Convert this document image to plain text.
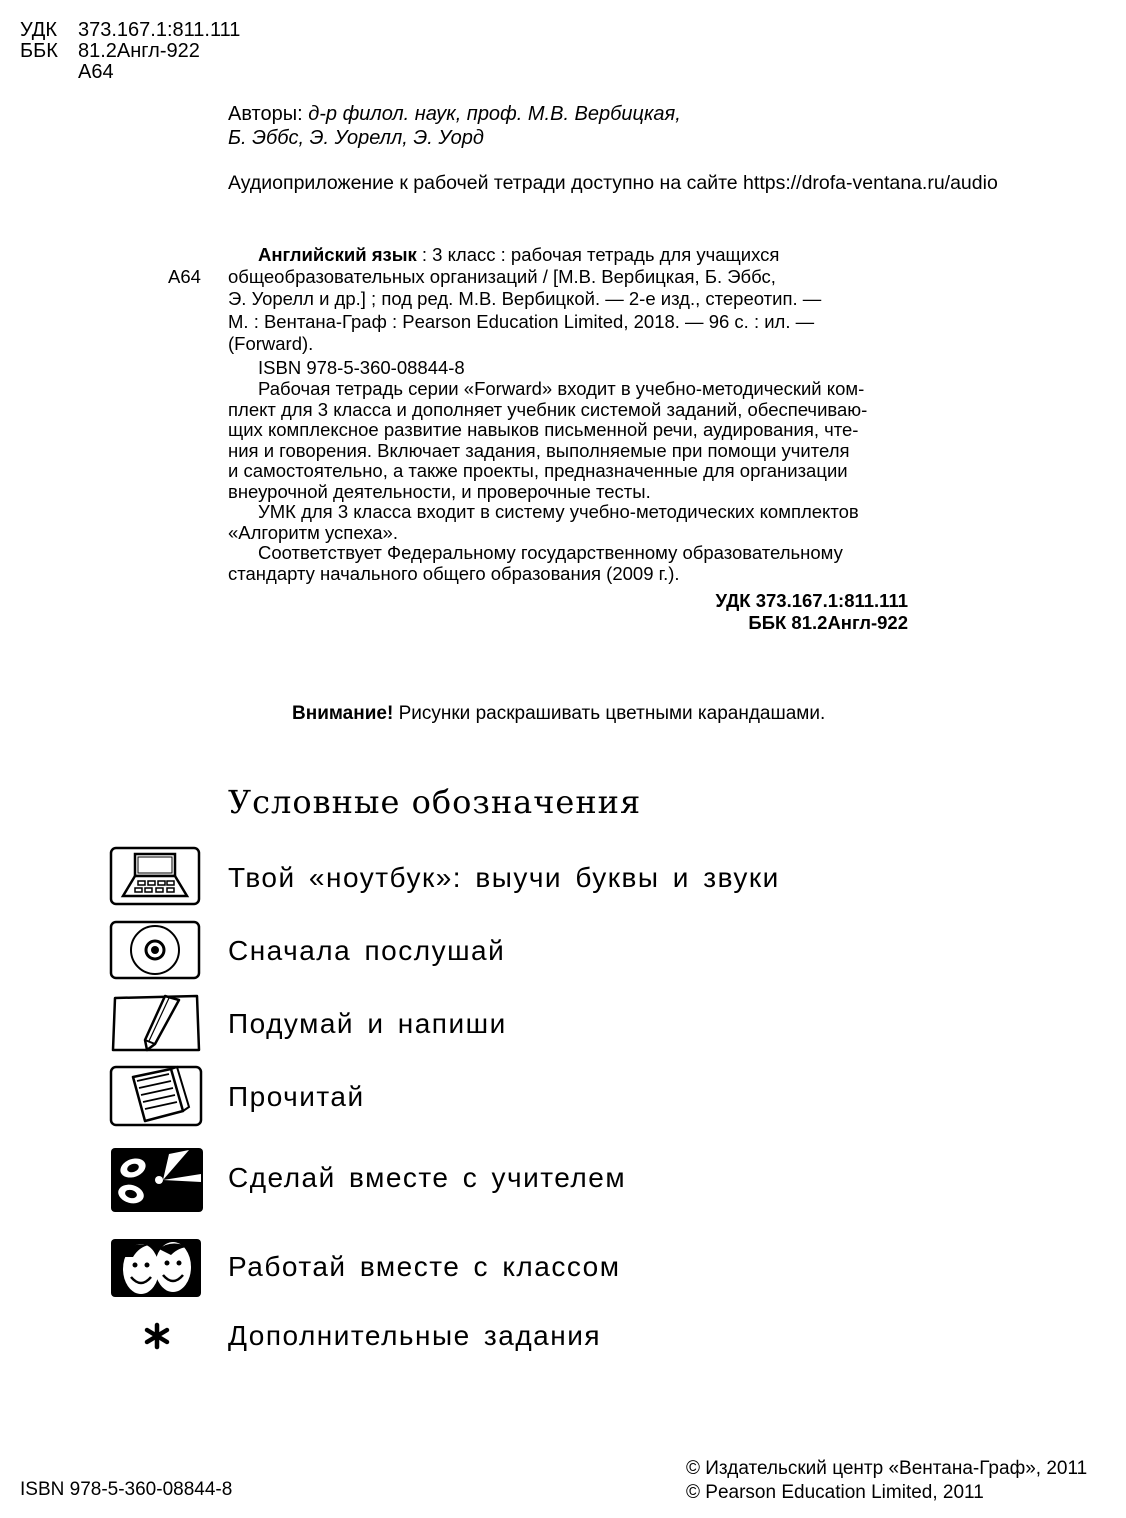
УДК 373.167.1:811.111
ББК 81.2Англ-922
А64
Авторы: д-р филол. наук, проф. М.В. Вербицкая,
Б. Эббс, Э. Уорелл, Э. Уорд
Аудиоприложение к рабочей тетради доступно на сайте https://drofa-ventana.ru/audio
А64

Английский язык : 3 класс : рабочая тетрадь для учащихся

общеобразовательных организаций / [М.В. Вербицкая, Б. Эббс,

Э. Уорелл и др.] ; под ред. М.В. Вербицкой. — 2-е изд., стереотип. —

М. : Вентана-Граф : Pearson Education Limited, 2018. — 96 с. : ил. —

(Forward).

ISBN 978-5-360-08844-8

Рабочая тетрадь серии «Forward» входит в учебно-методический ком-

плект для 3 класса и дополняет учебник системой заданий, обеспечиваю-

щих комплексное развитие навыков письменной речи, аудирования, чте-

ния и говорения. Включает задания, выполняемые при помощи учителя

и самостоятельно, а также проекты, предназначенные для организации

внеурочной деятельности, и проверочные тесты.

УМК для 3 класса входит в систему учебно-методических комплектов

«Алгоритм успеха».

Соответствует Федеральному государственному образовательному

стандарту начального общего образования (2009 г.).

УДК 373.167.1:811.111

ББК 81.2Англ-922

Внимание! Рисунки раскрашивать цветными карандашами.
Условные обозначения
Твой «ноутбук»: выучи буквы и звуки
Сначала послушай
Подумай и напиши
Прочитай
Сделай вместе с учителем
Работай вместе с классом
Дополнительные задания
ISBN 978-5-360-08844-8
© Издательский центр «Вентана-Граф», 2011
© Pearson Education Limited, 2011
